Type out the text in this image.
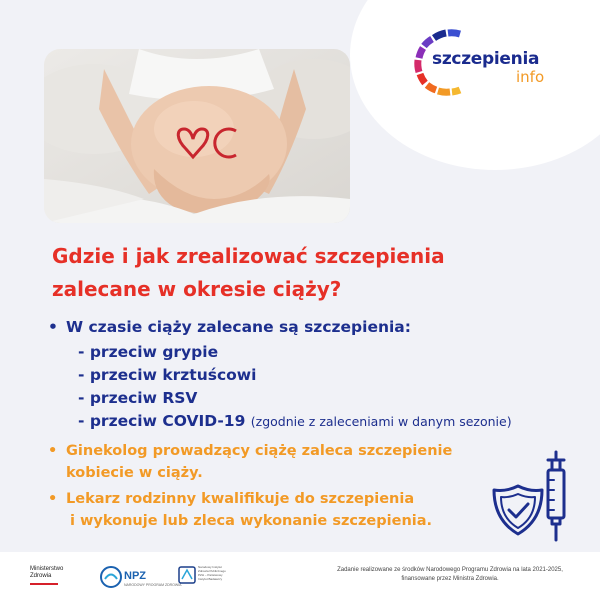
♡C	szczepienia
info
Gdzie i jak zrealizować szczepienia
zalecane w okresie ciąży?
• W czasie ciąży zalecane są szczepienia:
- przeciw grypie
- przeciw krztuścowi
- przeciw RSV
- przeciw COVID-19 (zgodnie z zaleceniami w danym sezonie)
• Ginekolog prowadzący ciążę zaleca szczepienie
kobiecie w ciąży.
• Lekarz rodzinny kwalifikuje do szczepienia
i wykonuje lub zleca wykonanie szczepienia.
Ministerstwo
Zdrowia	NPZ
NARODOWY PROGRAM ZDROWIA
Narodowy Instytut
Zdrowia Publicznego
PZH – Państwowy
Instytut Badawczy
Zadanie realizowane ze środków Narodowego Programu Zdrowia na lata 2021-2025,
finansowane przez Ministra Zdrowia.
